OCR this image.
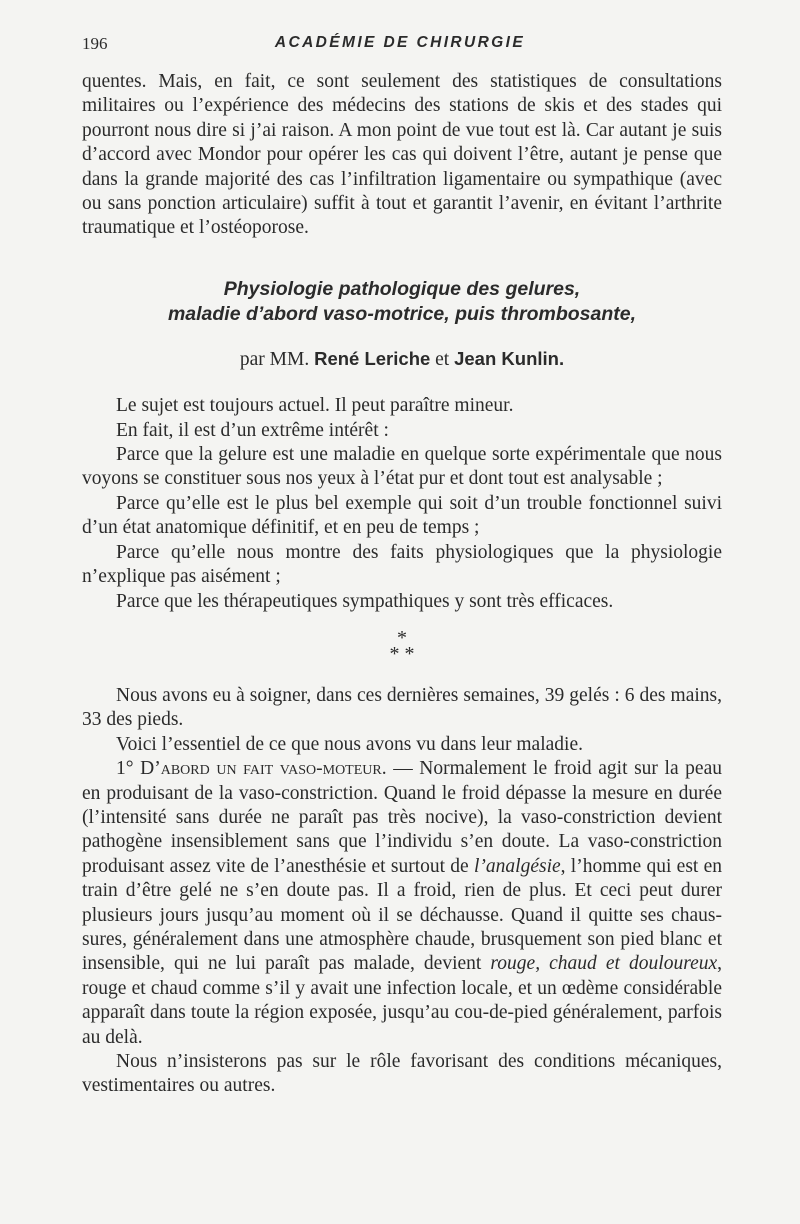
196	ACADÉMIE DE CHIRURGIE

quentes. Mais, en fait, ce sont seulement des statistiques de consultations militaires ou l’expérience des médecins des stations de skis et des stades qui pourront nous dire si j’ai raison. A mon point de vue tout est là. Car autant je suis d’accord avec Mondor pour opérer les cas qui doivent l’être, autant je pense que dans la grande majorité des cas l’infiltration ligamentaire ou sympathique (avec ou sans ponction articulaire) suffit à tout et garantit l’avenir, en évitant l’arthrite traumatique et l’ostéoporose.

Physiologie pathologique des gelures,
maladie d’abord vaso-motrice, puis thrombosante,
par MM. René Leriche et Jean Kunlin.

Le sujet est toujours actuel. Il peut paraître mineur.

En fait, il est d’un extrême intérêt :

Parce que la gelure est une maladie en quelque sorte expérimentale que nous voyons se constituer sous nos yeux à l’état pur et dont tout est analysable ;

Parce qu’elle est le plus bel exemple qui soit d’un trouble fonctionnel suivi d’un état anatomique définitif, et en peu de temps ;

Parce qu’elle nous montre des faits physiologiques que la physiologie n’explique pas aisément ;

Parce que les thérapeutiques sympathiques y sont très efficaces.

*
* *

Nous avons eu à soigner, dans ces dernières semaines, 39 gelés : 6 des mains, 33 des pieds.

Voici l’essentiel de ce que nous avons vu dans leur maladie.

1° D’abord un fait vaso-moteur. — Normalement le froid agit sur la peau en produisant de la vaso-constriction. Quand le froid dépasse la mesure en durée (l’intensité sans durée ne paraît pas très nocive), la vaso-constriction devient pathogène insensiblement sans que l’individu s’en doute. La vaso-constriction produisant assez vite de l’anesthésie et surtout de l’analgésie, l’homme qui est en train d’être gelé ne s’en doute pas. Il a froid, rien de plus. Et ceci peut durer plusieurs jours jusqu’au moment où il se déchausse. Quand il quitte ses chaussures, généralement dans une atmosphère chaude, brusquement son pied blanc et insensible, qui ne lui paraît pas malade, devient rouge, chaud et douloureux, rouge et chaud comme s’il y avait une infection locale, et un œdème considérable apparaît dans toute la région exposée, jusqu’au cou-de-pied généralement, parfois au delà.

Nous n’insisterons pas sur le rôle favorisant des conditions mécaniques, vestimentaires ou autres.
